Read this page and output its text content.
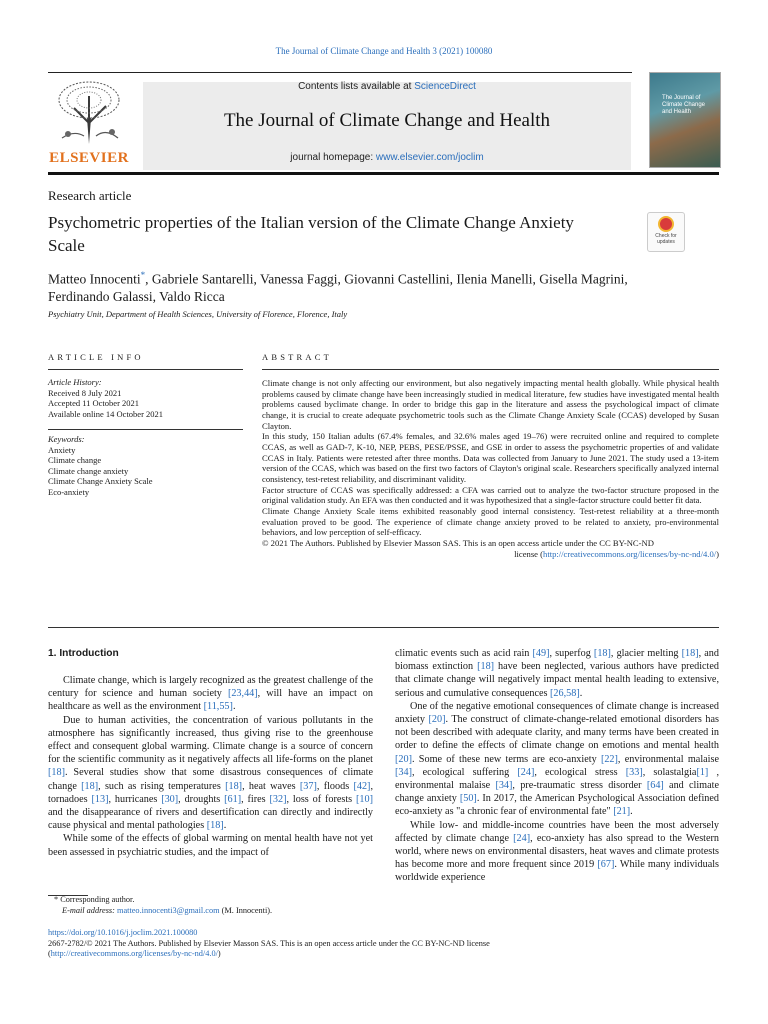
The Journal of Climate Change and Health 3 (2021) 100080
ELSEVIER
Contents lists available at ScienceDirect
The Journal of Climate Change and Health
journal homepage: www.elsevier.com/joclim
The Journal of Climate Change and Health
Research article
Psychometric properties of the Italian version of the Climate Change Anxiety Scale	Check for updates
Matteo Innocenti*, Gabriele Santarelli, Vanessa Faggi, Giovanni Castellini, Ilenia Manelli, Gisella Magrini, Ferdinando Galassi, Valdo Ricca
Psychiatry Unit, Department of Health Sciences, University of Florence, Florence, Italy
ARTICLE INFO
Article History:
Received 8 July 2021
Accepted 11 October 2021
Available online 14 October 2021
Keywords:
Anxiety
Climate change
Climate change anxiety
Climate Change Anxiety Scale
Eco-anxiety
ABSTRACT

Climate change is not only affecting our environment, but also negatively impacting mental health globally. While physical health problems caused by climate change have been increasingly studied in medical literature, few studies have investigated mental health problems caused byclimate change. In order to bridge this gap in the literature and assess the psychological impact of climate change, it is crucial to create adequate psychometric tools such as the Climate Change Anxiety Scale (CCAS) developed by Susan Clayton.

In this study, 150 Italian adults (67.4% females, and 32.6% males aged 19–76) were recruited online and required to complete CCAS, as well as GAD-7, K-10, NEP, PEBS, PESE/PSSE, and GSE in order to assess the psychometric properties of and validate CCAS in Italy. Patients were retested after three months. Data was collected from January to June 2021. The study used a 13-item version of the CCAS, which was based on the first two factors of Clayton's original scale. Researchers specifically analyzed internal consistency, test-retest reliability, and discriminant validity.

Factor structure of CCAS was specifically addressed: a CFA was carried out to analyze the two-factor structure proposed in the original validation study. An EFA was then conducted and it was hypothesized that a single-factor structure could better fit data.

Climate Change Anxiety Scale items exhibited reasonably good internal consistency. Test-retest reliability at a three-month evaluation proved to be good. The experience of climate change anxiety proved to be related to anxiety, pro-environmental behaviors, and low perception of self-efficacy.

© 2021 The Authors. Published by Elsevier Masson SAS. This is an open access article under the CC BY-NC-ND

license (http://creativecommons.org/licenses/by-nc-nd/4.0/)

1. Introduction

Climate change, which is largely recognized as the greatest challenge of the century for science and human society [23,44], will have an impact on healthcare as well as the environment [11,55].

Due to human activities, the concentration of various pollutants in the atmosphere has significantly increased, thus giving rise to the greenhouse effect and consequent global warming. Climate change is a source of concern for the scientific community as it negatively affects all life-forms on the planet [18]. Several studies show that some disastrous consequences of climate change [18], such as rising temperatures [18], heat waves [37], floods [42], tornadoes [13], hurricanes [30], droughts [61], fires [32], loss of forests [10] and the disappearance of rivers and desertification can directly and indirectly cause physical and mental pathologies [18].

While some of the effects of global warming on mental health have not yet been assessed in psychiatric studies, and the impact of

climatic events such as acid rain [49], superfog [18], glacier melting [18], and biomass extinction [18] have been neglected, various authors have predicted that climate change will negatively impact mental health leading to extensive, serious and cumulative consequences [26,58].

One of the negative emotional consequences of climate change is increased anxiety [20]. The construct of climate-change-related emotional disorders has not been described with adequate clarity, and many terms have been created in order to define the effects of climate change on emotions and mental health [20]. Some of these new terms are eco-anxiety [22], environmental malaise [34], ecological suffering [24], ecological stress [33], solastalgia[1] , environmental malaise [34], pre-traumatic stress disorder [64] and climate change anxiety [50]. In 2017, the American Psychological Association defined eco-anxiety as "a chronic fear of environmental fate" [21].

While low- and middle-income countries have been the most adversely affected by climate change [24], eco-anxiety has also spread to the Western world, where news on environmental disasters, heat waves and climate protests has become more and more frequent since 2019 [67]. While many individuals worldwide experience

* Corresponding author.
E-mail address: matteo.innocenti3@gmail.com (M. Innocenti).
https://doi.org/10.1016/j.joclim.2021.100080
2667-2782/© 2021 The Authors. Published by Elsevier Masson SAS. This is an open access article under the CC BY-NC-ND license
(http://creativecommons.org/licenses/by-nc-nd/4.0/)
